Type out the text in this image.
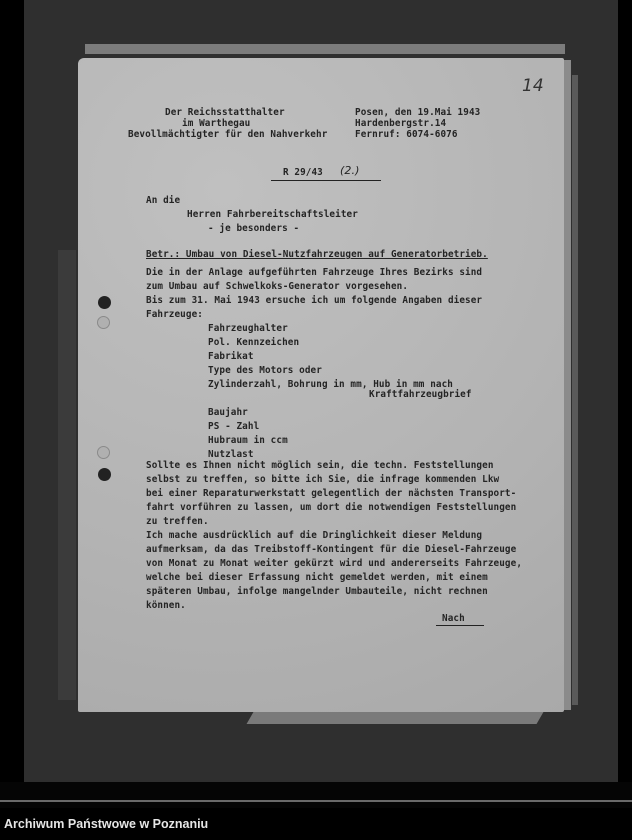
14
Der Reichsstatthalter
im Warthegau
Bevollmächtigter für den Nahverkehr
Posen, den 19.Mai 1943
Hardenbergstr.14
Fernruf: 6074-6076
R 29/43 (2.)
An die
Herren Fahrbereitschaftsleiter
- je besonders -
Betr.: Umbau von Diesel-Nutzfahrzeugen auf Generatorbetrieb.
Die in der Anlage aufgeführten Fahrzeuge Ihres Bezirks sind
zum Umbau auf Schwelkoks-Generator vorgesehen.
Bis zum 31. Mai 1943 ersuche ich um folgende Angaben dieser
Fahrzeuge:
Fahrzeughalter
Pol. Kennzeichen
Fabrikat
Type des Motors oder
Zylinderzahl, Bohrung in mm, Hub in mm nach
Kraftfahrzeugbrief
Baujahr
PS - Zahl
Hubraum in ccm
Nutzlast
Sollte es Ihnen nicht möglich sein, die techn. Feststellungen
selbst zu treffen, so bitte ich Sie, die infrage kommenden Lkw
bei einer Reparaturwerkstatt gelegentlich der nächsten Transport-
fahrt vorführen zu lassen, um dort die notwendigen Feststellungen
zu treffen.
Ich mache ausdrücklich auf die Dringlichkeit dieser Meldung
aufmerksam, da das Treibstoff-Kontingent für die Diesel-Fahrzeuge
von Monat zu Monat weiter gekürzt wird und andererseits Fahrzeuge,
welche bei dieser Erfassung nicht gemeldet werden, mit einem
späteren Umbau, infolge mangelnder Umbauteile, nicht rechnen
können.
Nach
Archiwum Państwowe w Poznaniu
